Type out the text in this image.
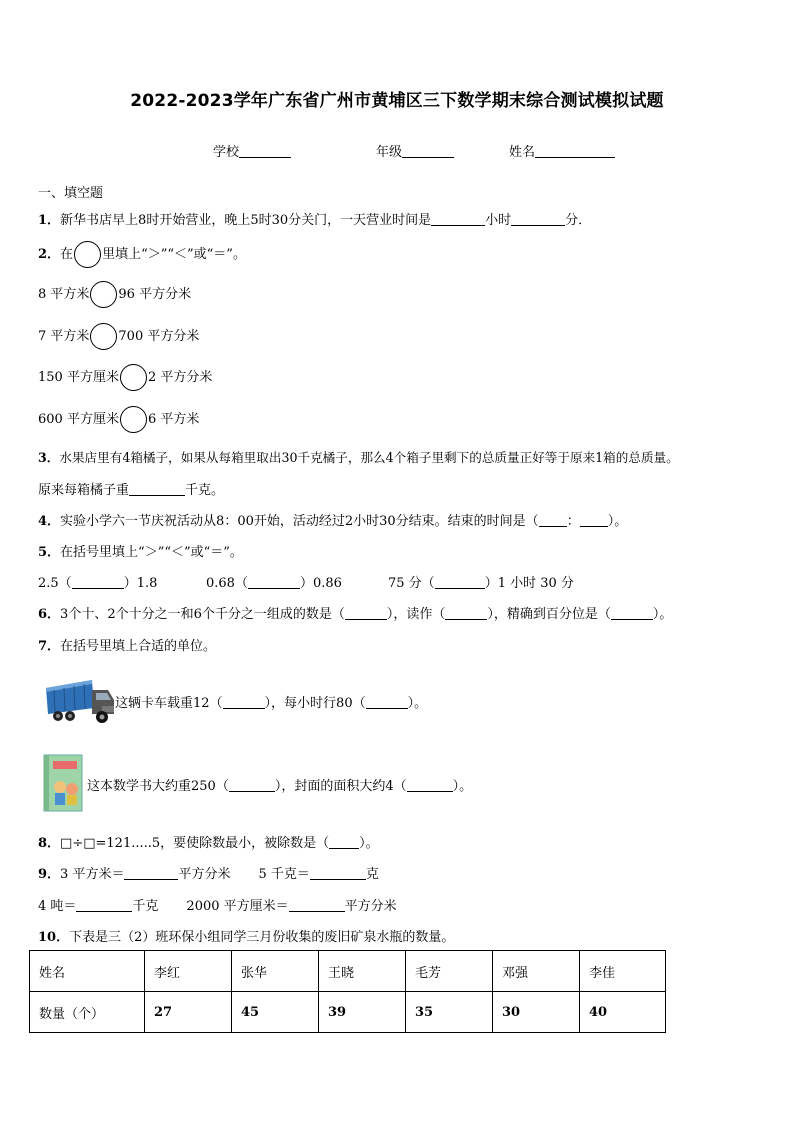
2022-2023学年广东省广州市黄埔区三下数学期末综合测试模拟试题
学校	年级	姓名
一、填空题
1．新华书店早上8时开始营业，晚上5时30分关门，一天营业时间是	小时	分．
2．在 里填上“＞”“＜”或“＝”。
8 平方米 96 平方分米
7 平方米 700 平方分米
150 平方厘米 2 平方分米
600 平方厘米 6 平方米
3．水果店里有4箱橘子，如果从每箱里取出30千克橘子，那么4个箱子里剩下的总质量正好等于原来1箱的总质量。
原来每箱橘子重	千克。
4．实验小学六一节庆祝活动从8：00开始，活动经过2小时30分结束。结束的时间是（ ： ）。
5．在括号里填上“＞”“＜”或“＝”。
2.5（	）1.8	0.68（	）0.86	75 分（	）1 小时 30 分
6．3个十、2个十分之一和6个千分之一组成的数是（	），读作（	），精确到百分位是（	）。
7．在括号里填上合适的单位。
这辆卡车载重12（	），每小时行80（	）。
这本数学书大约重250（	），封面的面积大约4（	）。
8．□÷□=121.....5，要使除数最小，被除数是（ ）。
9．3 平方米＝	平方分米 5 千克＝	克
4 吨＝	千克 2000 平方厘米＝	平方分米
10．下表是三（2）班环保小组同学三月份收集的废旧矿泉水瓶的数量。
姓名	李红	张华	王晓	毛芳	邓强	李佳
数量（个）	27	45	39	35	30	40
